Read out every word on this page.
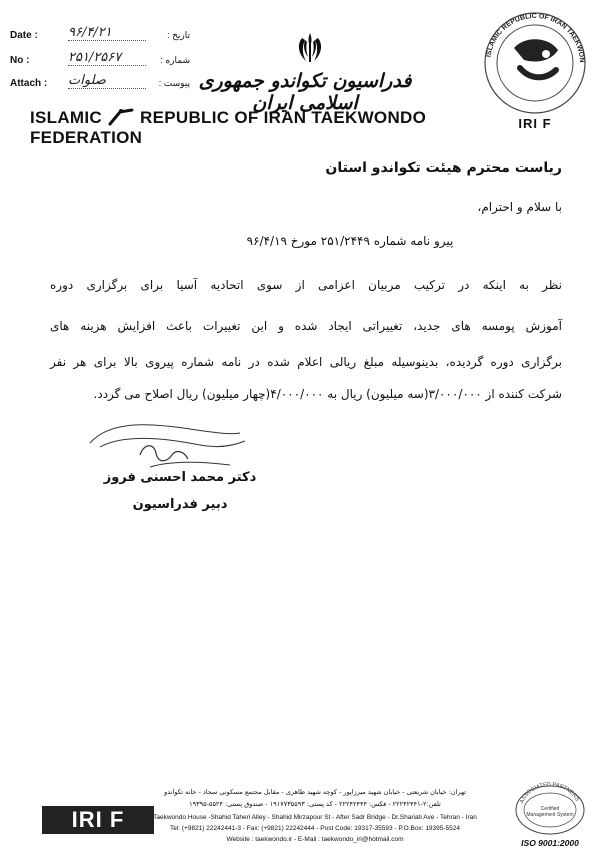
Date :	۹۶/۴/۲۱	تاریخ :
No :	۲۵۱/۲۵۶۷	شماره :
Attach :	صلوات	پیوست : فدراسیون تکواندو جمهوری اسلامی ایران
ISLAMIC REPUBLIC OF IRAN TAEKWONDO FEDERATION
ISLAMIC REPUBLIC OF IRAN TAEKWON
IRI F
ریاست محترم هیئت تکواندو استان
با سلام و احترام،
پیرو نامه شماره ۲۵۱/۲۴۴۹ مورخ ۹۶/۴/۱۹
نظر به اینکه در ترکیب مربیان اعزامی از سوی اتحادیه آسیا برای برگزاری دوره
آموزش پومسه های جدید، تغییراتی ایجاد شده و این تغییرات باعث افزایش هزینه های
برگزاری دوره گردیده، بدینوسیله مبلغ ریالی اعلام شده در نامه شماره پیروی بالا برای هر نفر
شرکت کننده از ۳/۰۰۰/۰۰۰(سه میلیون) ریال به ۴/۰۰۰/۰۰۰(چهار میلیون) ریال اصلاح می گردد.
دکتر محمد احسنی فروز
دبیر فدراسیون
IRI F
تهران: خیابان شریعتی - خیابان شهید میرزاپور - کوچه شهید طاهری - مقابل مجتمع مسکونی سجاد - خانه تکواندو
تلفن:۲-۲۲۲۴۲۴۴۱ - فکس: ۲۲۲۴۲۴۴۴ - کد پستی: ۱۹۱۷۷۳۵۵۹۳ - صندوق پستی: ۵۵۲۴-۱۹۳۹۵
Taekwondo House -Shahid Taheri Alley - Shahid Mirzapour St - After Sadr Bridge - Dr.Shariati Ave - Tehran - Iran
Tel: (+9821) 22242441-3 - Fax: (+9821) 22242444 - Post Code: 19317-35593 - P.O.Box: 19395-5524
Website : taekwondo.ir - E-Mail : taekwondo_iri@hotmail.com
ASSOCIATED PARTNERS
Certified Management System
ISO 9001:2000
